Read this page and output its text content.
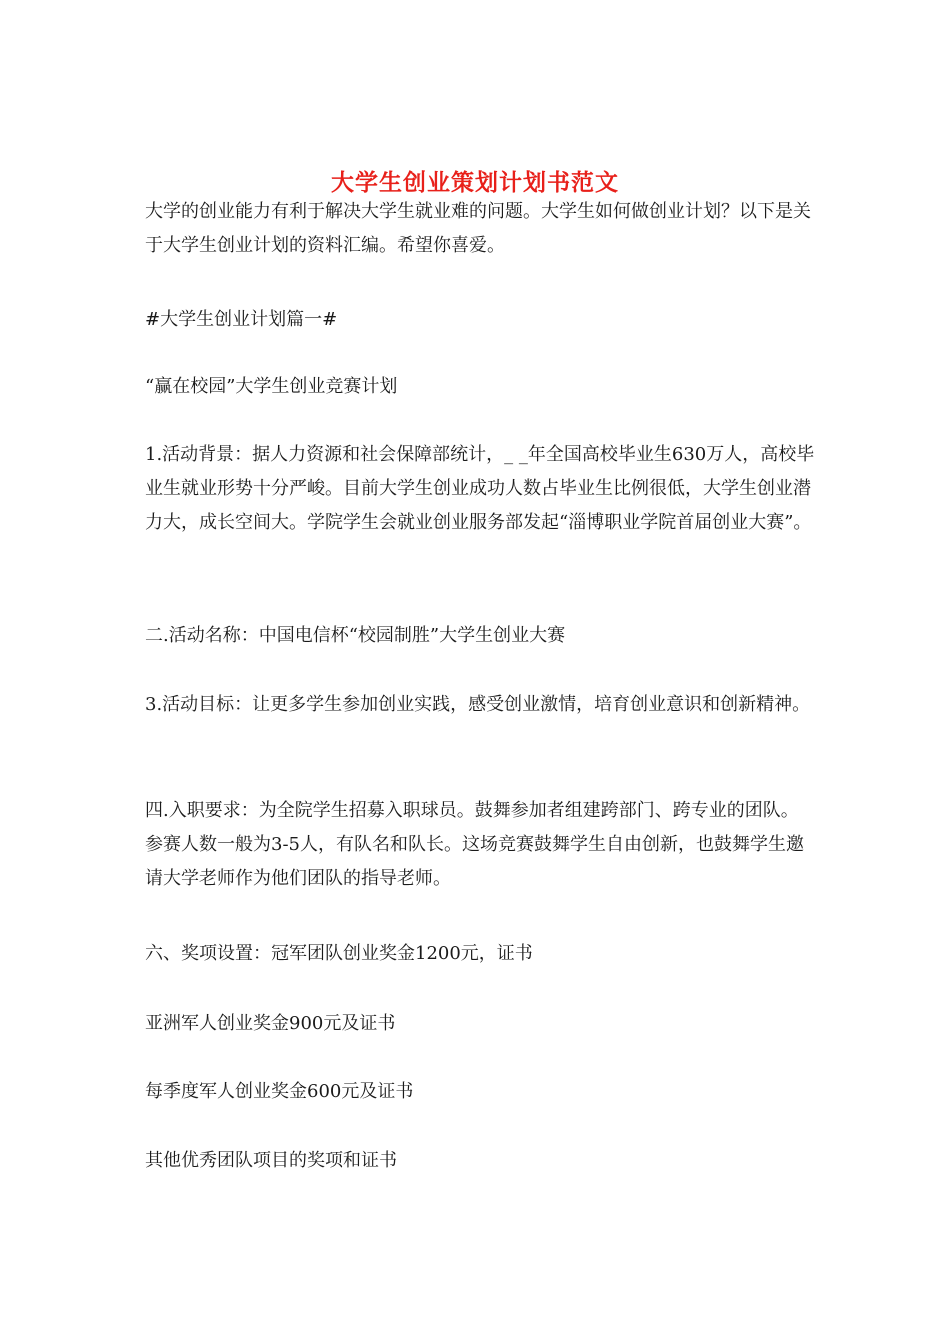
大学生创业策划计划书范文

大学的创业能力有利于解决大学生就业难的问题。大学生如何做创业计划？以下是关于大学生创业计划的资料汇编。希望你喜爱。

#大学生创业计划篇一#

“赢在校园”大学生创业竞赛计划

1.活动背景：据人力资源和社会保障部统计，_ _年全国高校毕业生630万人，高校毕业生就业形势十分严峻。目前大学生创业成功人数占毕业生比例很低，大学生创业潜力大，成长空间大。学院学生会就业创业服务部发起“淄博职业学院首届创业大赛”。

二.活动名称：中国电信杯“校园制胜”大学生创业大赛

3.活动目标：让更多学生参加创业实践，感受创业激情，培育创业意识和创新精神。

四.入职要求：为全院学生招募入职球员。鼓舞参加者组建跨部门、跨专业的团队。参赛人数一般为3-5人，有队名和队长。这场竞赛鼓舞学生自由创新，也鼓舞学生邀请大学老师作为他们团队的指导老师。

六、奖项设置：冠军团队创业奖金1200元，证书

亚洲军人创业奖金900元及证书

每季度军人创业奖金600元及证书

其他优秀团队项目的奖项和证书
